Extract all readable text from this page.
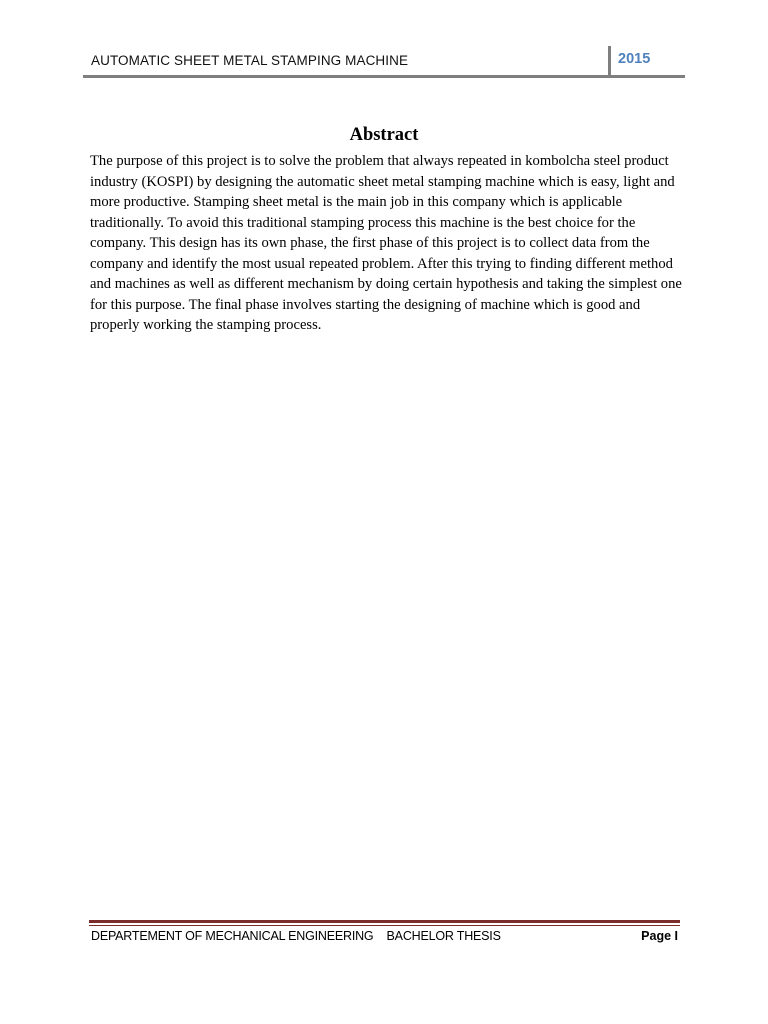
AUTOMATIC SHEET METAL STAMPING MACHINE	2015
Abstract
The purpose of this project is to solve the problem that always repeated in kombolcha steel product industry (KOSPI) by designing the automatic sheet metal stamping machine which is easy, light and more productive. Stamping sheet metal is the main job in this company which is applicable traditionally. To avoid this traditional stamping process this machine is the best choice for the company. This design has its own phase, the first phase of this project is to collect data from the company and identify the most usual repeated problem. After this trying to finding different method and machines as well as different mechanism by doing certain hypothesis and taking the simplest one for this purpose. The final phase involves starting the designing of machine which is good and properly working the stamping process.
DEPARTEMENT OF MECHANICAL ENGINEERING    BACHELOR THESIS	Page I
